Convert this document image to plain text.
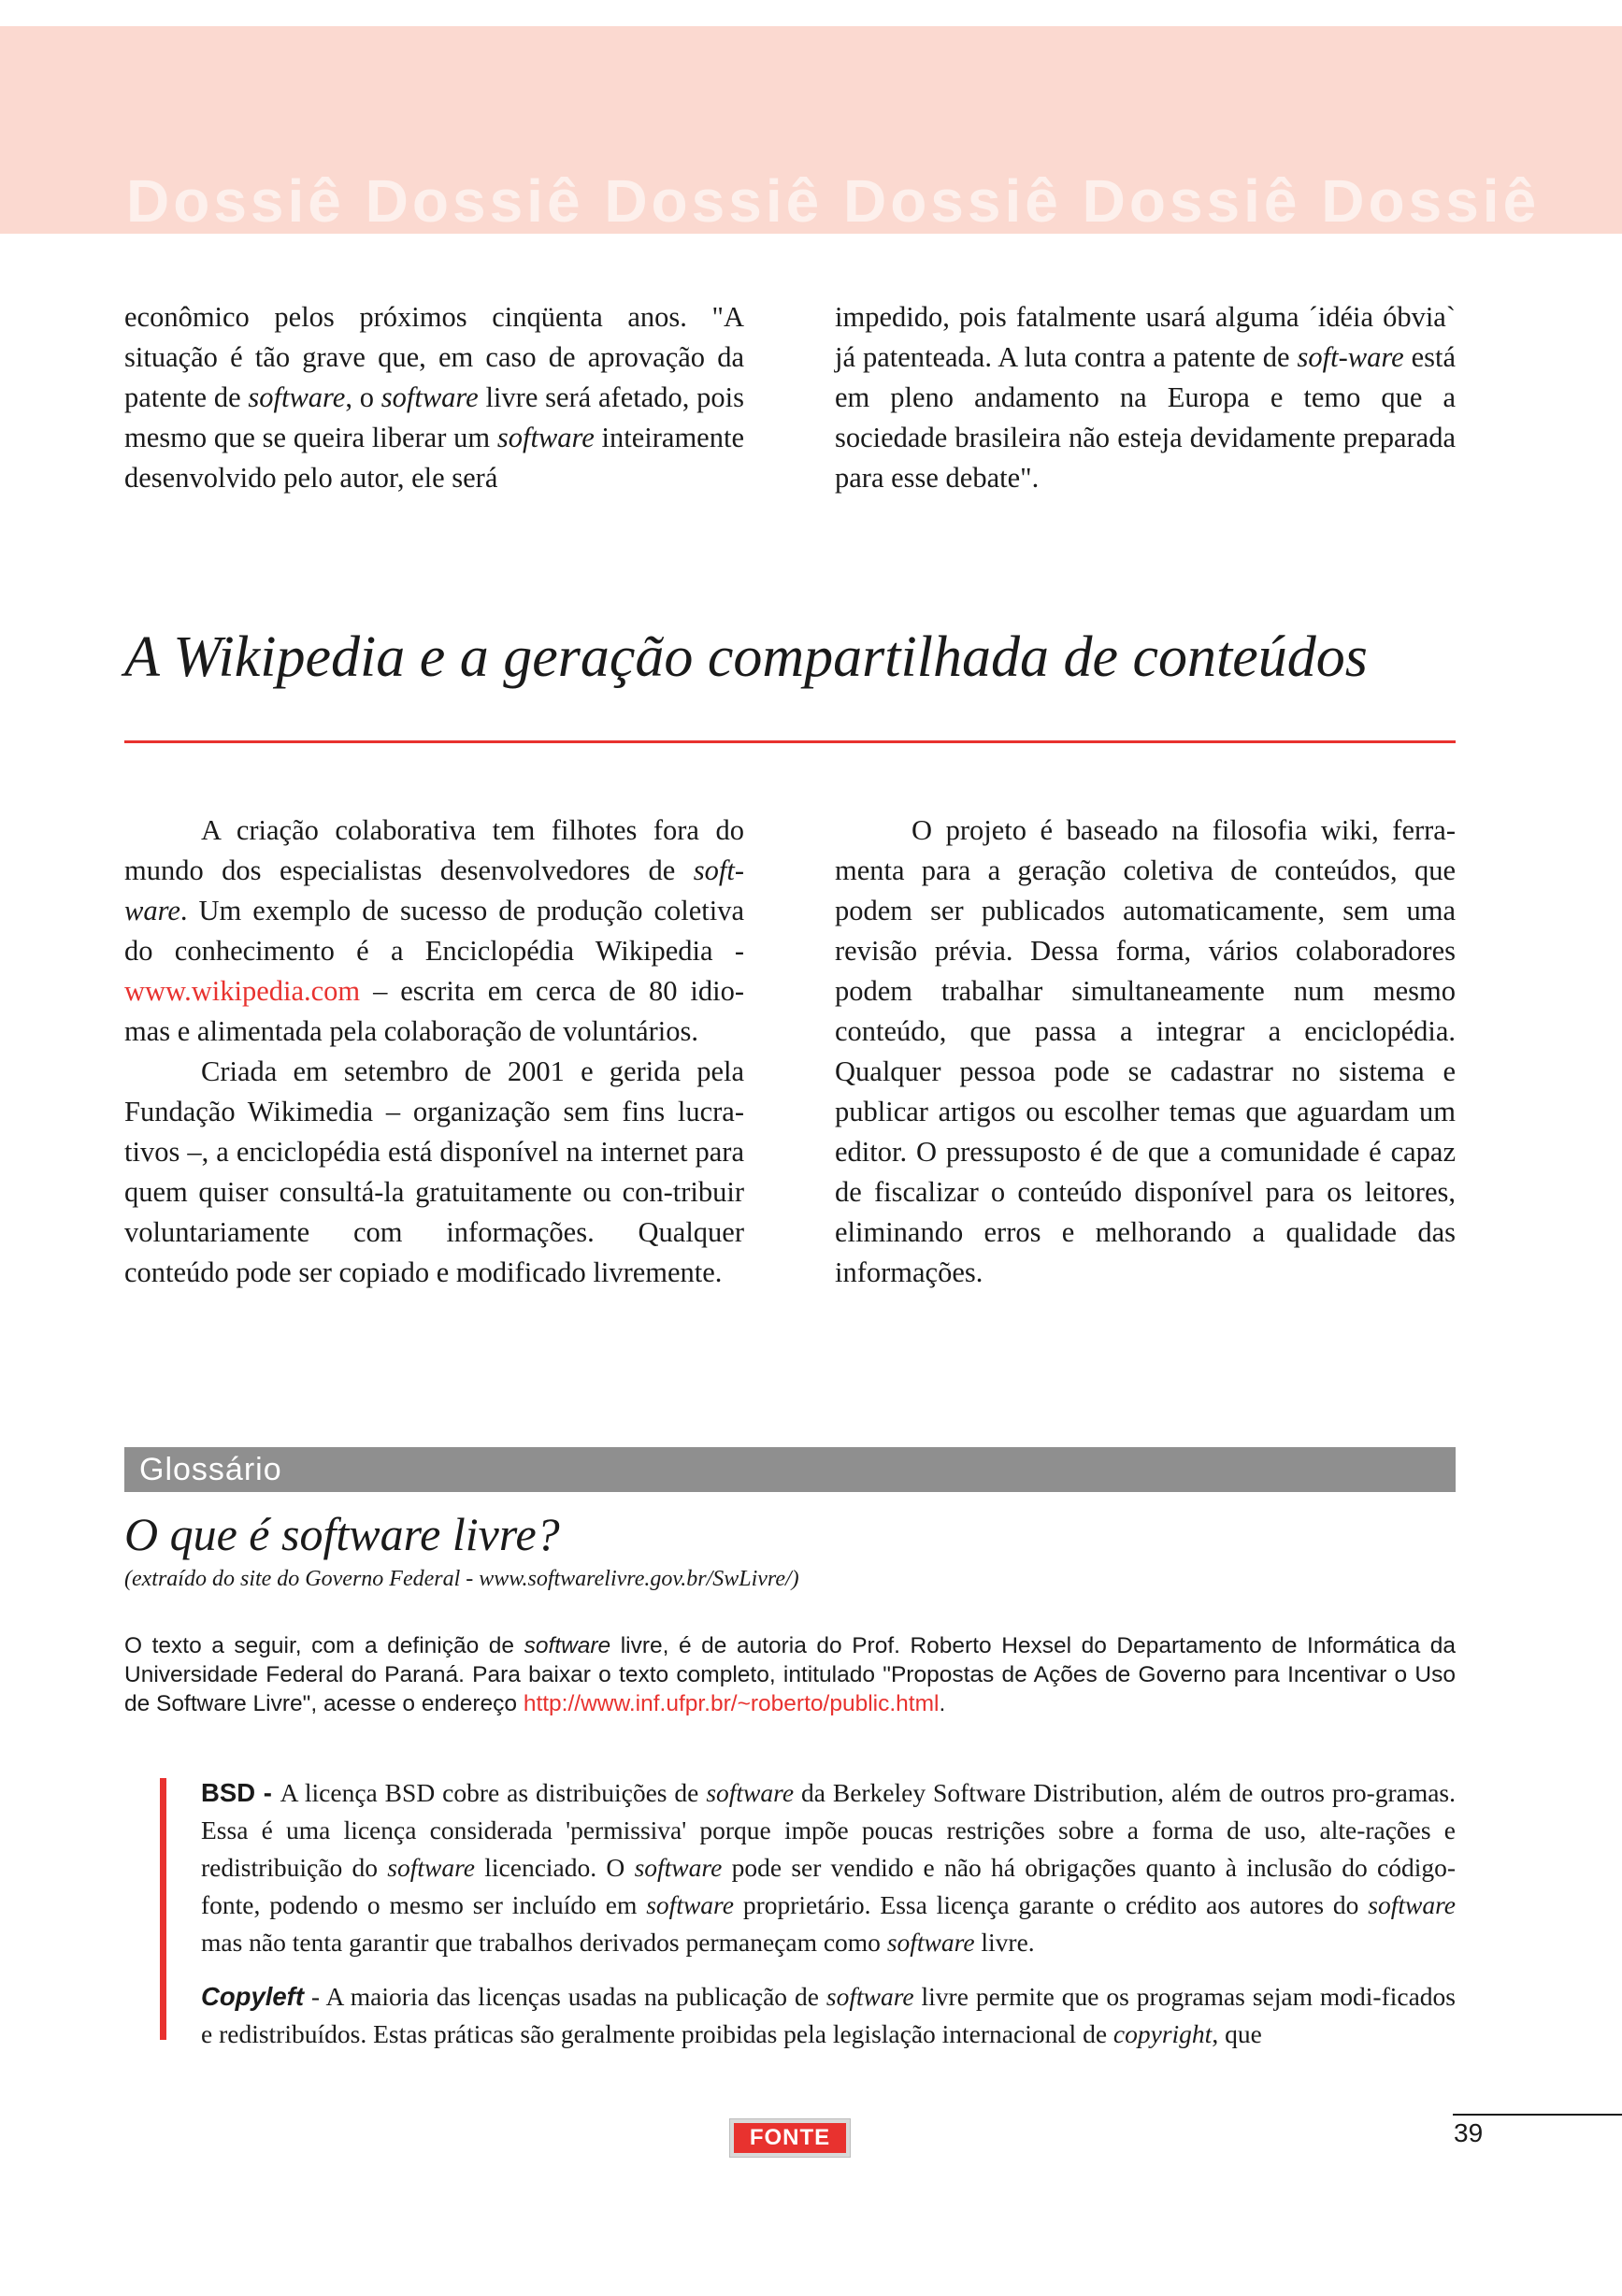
Dossiê Dossiê Dossiê Dossiê Dossiê Dossiê

econômico pelos próximos cinqüenta anos. "A situação é tão grave que, em caso de aprovação da patente de software, o software livre será afetado, pois mesmo que se queira liberar um software inteiramente desenvolvido pelo autor, ele será

impedido, pois fatalmente usará alguma ´idéia óbvia` já patenteada. A luta contra a patente de soft-ware está em pleno andamento na Europa e temo que a sociedade brasileira não esteja devidamente preparada para esse debate".

A Wikipedia e a geração compartilhada de conteúdos

A criação colaborativa tem filhotes fora do mundo dos especialistas desenvolvedores de soft-ware. Um exemplo de sucesso de produção coletiva do conhecimento é a Enciclopédia Wikipedia - www.wikipedia.com – escrita em cerca de 80 idio-mas e alimentada pela colaboração de voluntários.

Criada em setembro de 2001 e gerida pela Fundação Wikimedia – organização sem fins lucra-tivos –, a enciclopédia está disponível na internet para quem quiser consultá-la gratuitamente ou con-tribuir voluntariamente com informações. Qualquer conteúdo pode ser copiado e modificado livremente.

O projeto é baseado na filosofia wiki, ferra-menta para a geração coletiva de conteúdos, que podem ser publicados automaticamente, sem uma revisão prévia. Dessa forma, vários colaboradores podem trabalhar simultaneamente num mesmo conteúdo, que passa a integrar a enciclopédia. Qualquer pessoa pode se cadastrar no sistema e publicar artigos ou escolher temas que aguardam um editor. O pressuposto é de que a comunidade é capaz de fiscalizar o conteúdo disponível para os leitores, eliminando erros e melhorando a qualidade das informações.

Glossário
O que é software livre?
(extraído do site do Governo Federal - www.softwarelivre.gov.br/SwLivre/)

O texto a seguir, com a definição de software livre, é de autoria do Prof. Roberto Hexsel do Departamento de Informática da Universidade Federal do Paraná. Para baixar o texto completo, intitulado "Propostas de Ações de Governo para Incentivar o Uso de Software Livre", acesse o endereço http://www.inf.ufpr.br/~roberto/public.html.

BSD - A licença BSD cobre as distribuições de software da Berkeley Software Distribution, além de outros pro-gramas. Essa é uma licença considerada 'permissiva' porque impõe poucas restrições sobre a forma de uso, alte-rações e redistribuição do software licenciado. O software pode ser vendido e não há obrigações quanto à inclusão do código-fonte, podendo o mesmo ser incluído em software proprietário. Essa licença garante o crédito aos autores do software mas não tenta garantir que trabalhos derivados permaneçam como software livre.

Copyleft - A maioria das licenças usadas na publicação de software livre permite que os programas sejam modi-ficados e redistribuídos. Estas práticas são geralmente proibidas pela legislação internacional de copyright, que

FONTE	39
